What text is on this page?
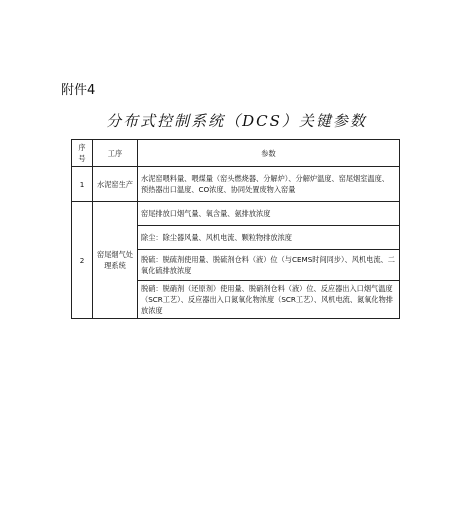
附件4
分布式控制系统（DCS）关键参数
序号	工序	参数
1	水泥窑生产	水泥窑喂料量、喂煤量（窑头燃烧器、分解炉）、分解炉温度、窑尾烟室温度、预热器出口温度、CO浓度、协同处置废物入窑量
2	窑尾烟气处理系统	窑尾排放口烟气量、氧含量、氨排放浓度
		除尘：除尘器风量、风机电流、颗粒物排放浓度
		脱硫：脱硫剂使用量、脱硫剂仓料（液）位（与CEMS时间同步）、风机电流、二氧化硫排放浓度
		脱硝：脱硝剂（还原剂）使用量、脱硝剂仓料（液）位、反应器出入口烟气温度（SCR工艺）、反应器出入口氮氧化物浓度（SCR工艺）、风机电流、氮氧化物排放浓度
